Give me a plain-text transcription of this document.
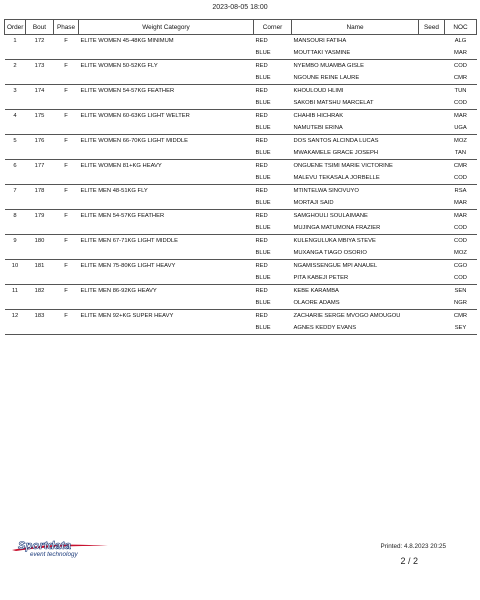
2023-08-05 18:00
Order	Bout	Phase	Weight Category	Corner	Name	Seed	NOC
1	172	F	ELITE WOMEN 45-48KG MINIMUM	RED	MANSOURI FATIHA		ALG
				BLUE	MOUTTAKI YASMINE		MAR
2	173	F	ELITE WOMEN 50-52KG FLY	RED	NYEMBO MUAMBA GISLE		COD
				BLUE	NGOUNE REINE LAURE		CMR
3	174	F	ELITE WOMEN 54-57KG FEATHER	RED	KHOULOUD HLIMI		TUN
				BLUE	SAKOBI MATSHU MARCELAT		COD
4	175	F	ELITE WOMEN 60-63KG LIGHT WELTER	RED	CHAHIB HICHRAK		MAR
				BLUE	NAMUTEBI ERINA		UGA
5	176	F	ELITE WOMEN 66-70KG LIGHT MIDDLE	RED	DOS SANTOS ALCINDA LUCAS		MOZ
				BLUE	MWAKAMELE GRACE JOSEPH		TAN
6	177	F	ELITE WOMEN 81+KG HEAVY	RED	ONGUENE TSIMI MARIE VICTORINE		CMR
				BLUE	MALEVU TEKASALA JORBELLE		COD
7	178	F	ELITE MEN 48-51KG FLY	RED	MTINTELWA SINOVUYO		RSA
				BLUE	MORTAJI SAID		MAR
8	179	F	ELITE MEN 54-57KG FEATHER	RED	SAMGHOULI SOULAIMANE		MAR
				BLUE	MUJINGA MATUMONA FRAZIER		COD
9	180	F	ELITE MEN 67-71KG LIGHT MIDDLE	RED	KULENGULUKA MBIYA STEVE		COD
				BLUE	MUXANGA TIAGO OSORIO		MOZ
10	181	F	ELITE MEN 75-80KG LIGHT HEAVY	RED	NGAMISSENGUE MPI ANAUEL		CGO
				BLUE	PITA KABEJI PETER		COD
11	182	F	ELITE MEN 86-92KG HEAVY	RED	KEBE KARAMBA		SEN
				BLUE	OLAORE ADAMS		NGR
12	183	F	ELITE MEN 92+KG SUPER HEAVY	RED	ZACHARIE SERGE MVOGO AMOUGOU		CMR
				BLUE	AGNES KEDDY EVANS		SEY
Sportdata
event technology
Printed: 4.8.2023 20:25
2 / 2
